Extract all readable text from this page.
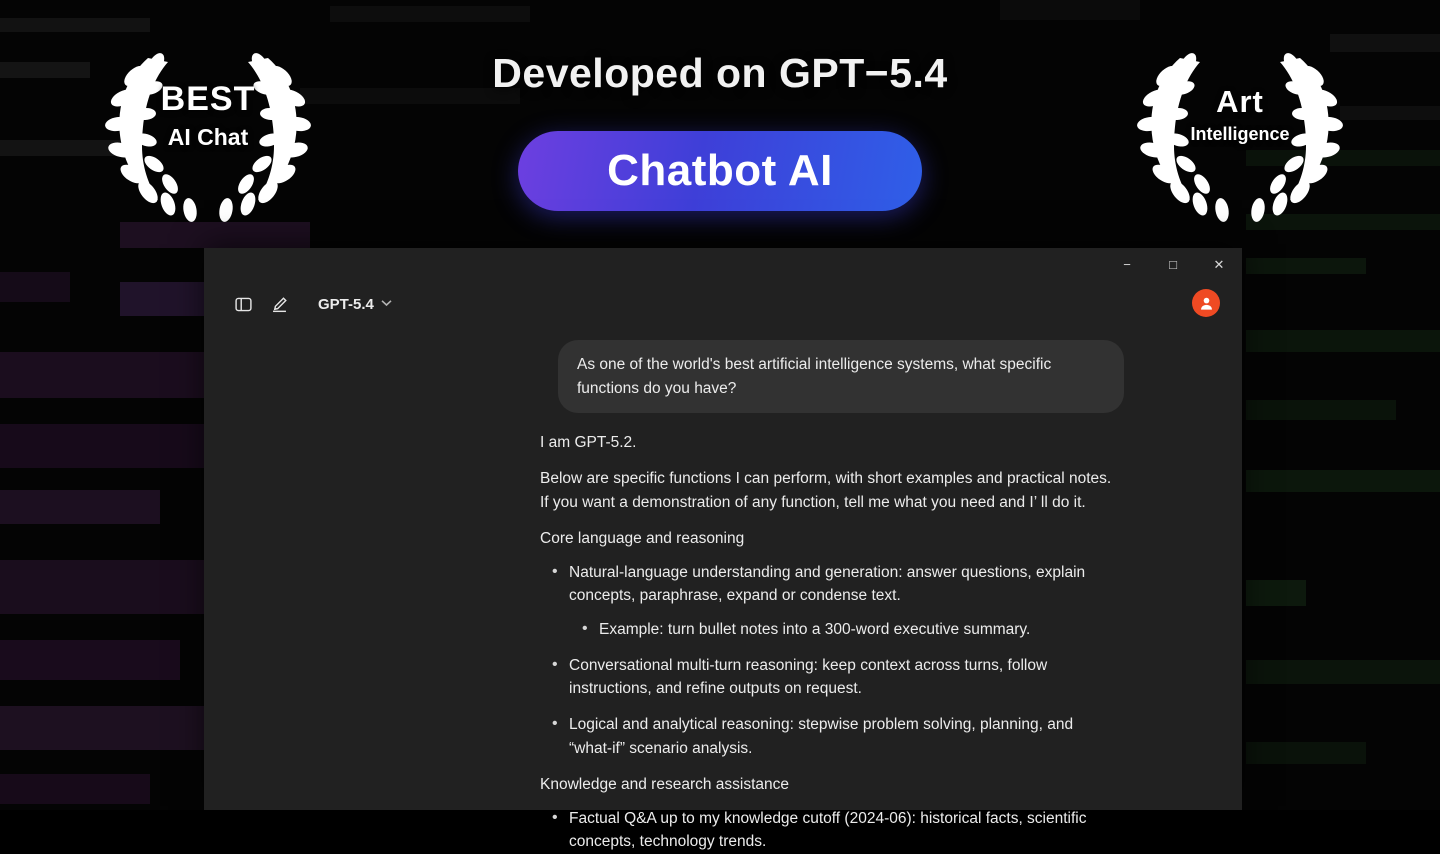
Developed on GPT−5.4
Chatbot AI
BEST
AI Chat
Art
Intelligence
−	□	✕
GPT-5.4
As one of the world's best artificial intelligence systems, what specific functions do you have?
I am GPT-5.2.
Below are specific functions I can perform, with short examples and practical notes. If you want a demonstration of any function, tell me what you need and I’ ll do it.
Core language and reasoning
• Natural-language understanding and generation: answer questions, explain concepts, paraphrase, expand or condense text.
• Example: turn bullet notes into a 300-word executive summary.
• Conversational multi-turn reasoning: keep context across turns, follow instructions, and refine outputs on request.
• Logical and analytical reasoning: stepwise problem solving, planning, and “what-if” scenario analysis.
Knowledge and research assistance
• Factual Q&A up to my knowledge cutoff (2024-06): historical facts, scientific concepts, technology trends.
